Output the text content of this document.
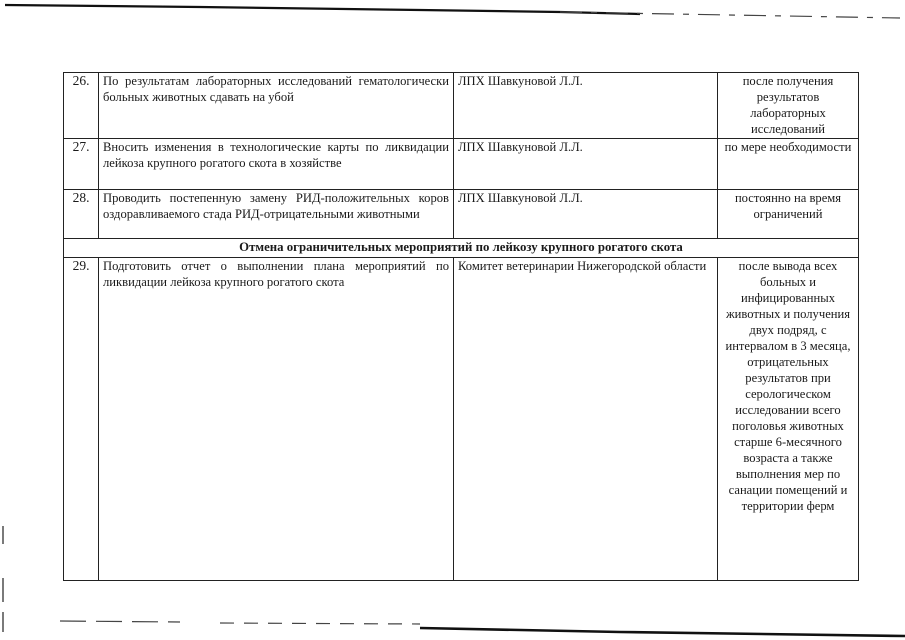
26.	По результатам лабораторных исследований гематологически больных животных сдавать на убой	ЛПХ Шавкуновой Л.Л.	после получения результатов лабораторных исследований
27.	Вносить изменения в технологические карты по ликвидации лейкоза крупного рогатого скота в хозяйстве	ЛПХ Шавкуновой Л.Л.	по мере необходимости
28.	Проводить постепенную замену РИД-положительных коров оздоравливаемого стада РИД-отрицательными животными	ЛПХ Шавкуновой Л.Л.	постоянно на время ограничений
Отмена ограничительных мероприятий по лейкозу крупного рогатого скота			
29.	Подготовить отчет о выполнении плана мероприятий по ликвидации лейкоза крупного рогатого скота	Комитет ветеринарии Нижегородской области	после вывода всех больных и инфицированных животных и получения двух подряд, с интервалом в 3 месяца, отрицательных результатов при серологическом исследовании всего поголовья животных старше 6-месячного возраста а также выполнения мер по санации помещений и территории ферм
